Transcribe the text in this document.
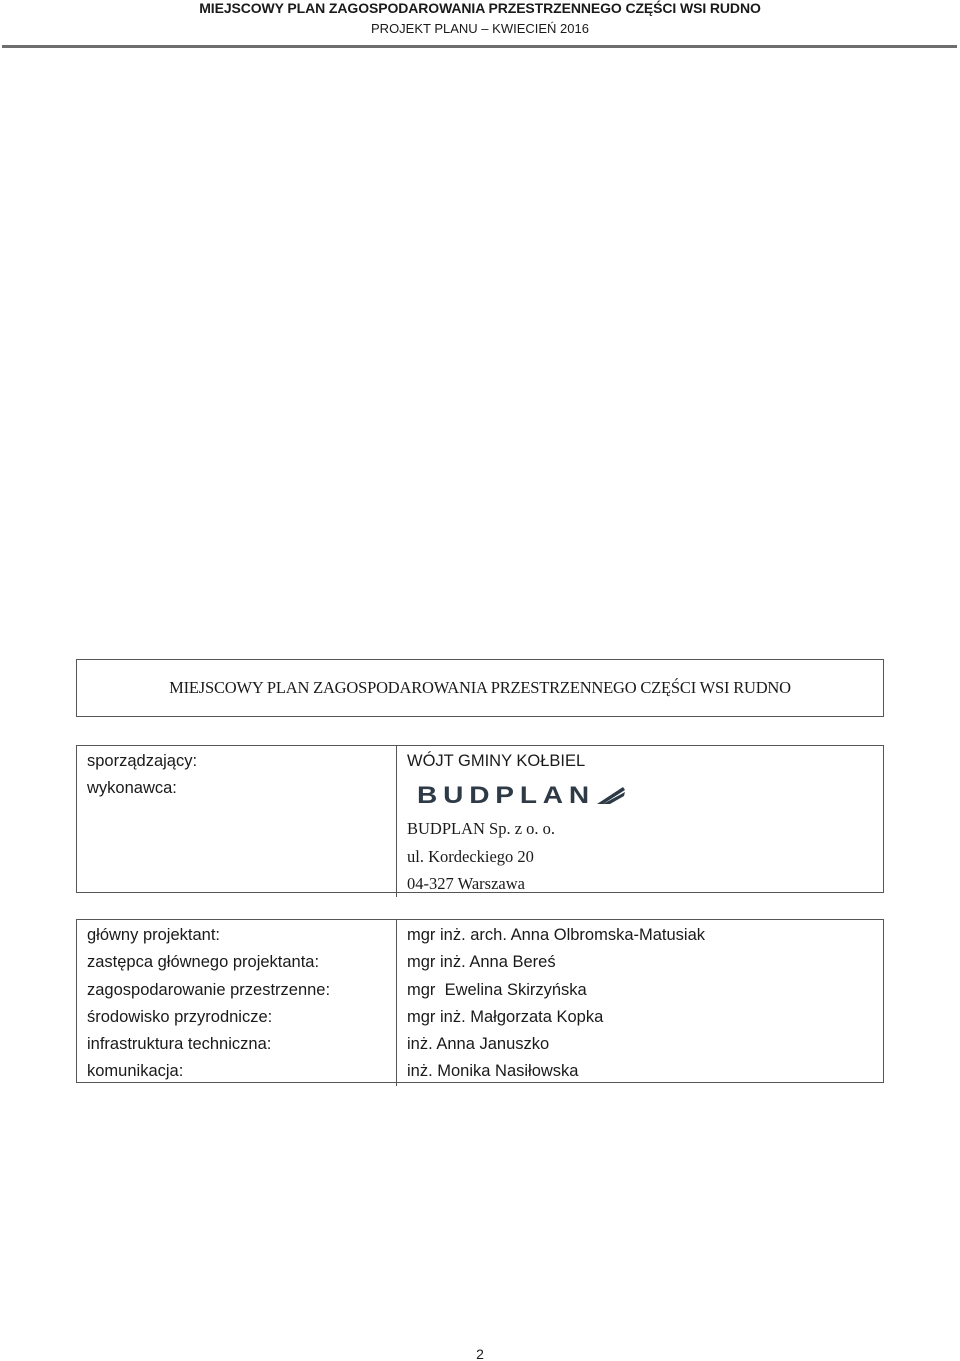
MIEJSCOWY PLAN ZAGOSPODAROWANIA PRZESTRZENNEGO CZĘŚCI WSI RUDNO
PROJEKT PLANU – KWIECIEŃ 2016
MIEJSCOWY PLAN ZAGOSPODAROWANIA PRZESTRZENNEGO CZĘŚCI WSI RUDNO
sporządzający:
wykonawca:
WÓJT GMINY KOŁBIEL
BUDPLAN
BUDPLAN Sp. z o. o.
ul. Kordeckiego 20
04-327 Warszawa
główny projektant:
zastępca głównego projektanta:
zagospodarowanie przestrzenne:
środowisko przyrodnicze:
infrastruktura techniczna:
komunikacja:
mgr inż. arch. Anna Olbromska-Matusiak
mgr inż. Anna Bereś
mgr  Ewelina Skirzyńska
mgr inż. Małgorzata Kopka
inż. Anna Januszko
inż. Monika Nasiłowska
2
